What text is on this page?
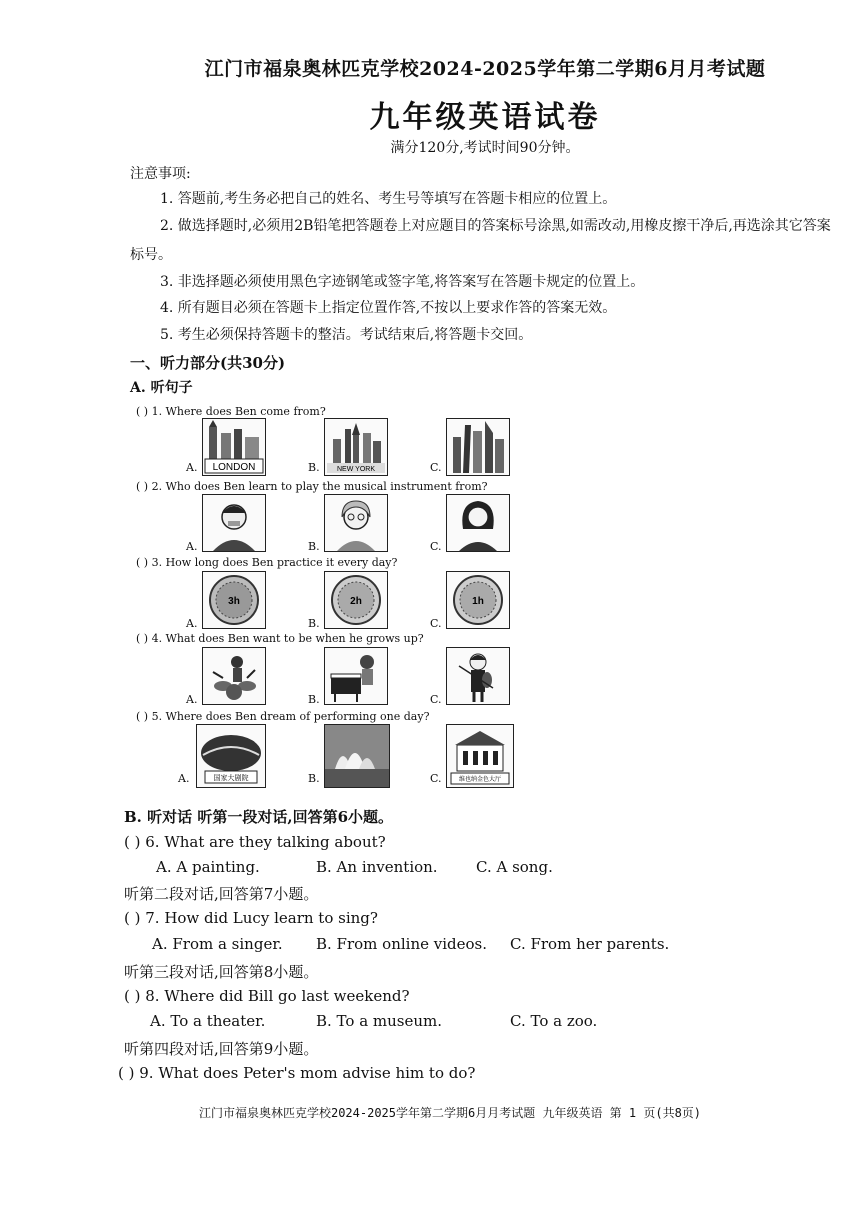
江门市福泉奥林匹克学校2024-2025学年第二学期6月月考试题
九年级英语试卷
满分120分,考试时间90分钟。
注意事项:
1. 答题前,考生务必把自己的姓名、考生号等填写在答题卡相应的位置上。
2. 做选择题时,必须用2B铅笔把答题卷上对应题目的答案标号涂黑,如需改动,用橡皮擦干净后,再选涂其它答案标号。
3. 非选择题必须使用黑色字迹钢笔或签字笔,将答案写在答题卡规定的位置上。
4. 所有题目必须在答题卡上指定位置作答,不按以上要求作答的答案无效。
5. 考生必须保持答题卡的整洁。考试结束后,将答题卡交回。
一、听力部分(共30分)
A. 听句子
( ) 1. Where does Ben come from?
A. LONDON	B. NEW YORK	C.
( ) 2. Who does Ben learn to play the musical instrument from?
A.	B.	C.
( ) 3. How long does Ben practice it every day?
A.
3h
B.
2h
C.
1h
( ) 4. What does Ben want to be when he grows up?
A.	B.	C.
( ) 5. Where does Ben dream of performing one day?
A.	国家大剧院	B.	C.	维也纳金色大厅
B. 听对话 听第一段对话,回答第6小题。
( ) 6. What are they talking about?
A. A painting.	B. An invention.	C. A song.
听第二段对话,回答第7小题。
( ) 7. How did Lucy learn to sing?
A. From a singer. B. From online videos. C. From her parents.
听第三段对话,回答第8小题。
( ) 8. Where did Bill go last weekend?
A. To a theater.	B. To a museum.	C. To a zoo.
听第四段对话,回答第9小题。
( ) 9. What does Peter's mom advise him to do?
江门市福泉奥林匹克学校2024-2025学年第二学期6月月考试题 九年级英语 第 1 页(共8页)
